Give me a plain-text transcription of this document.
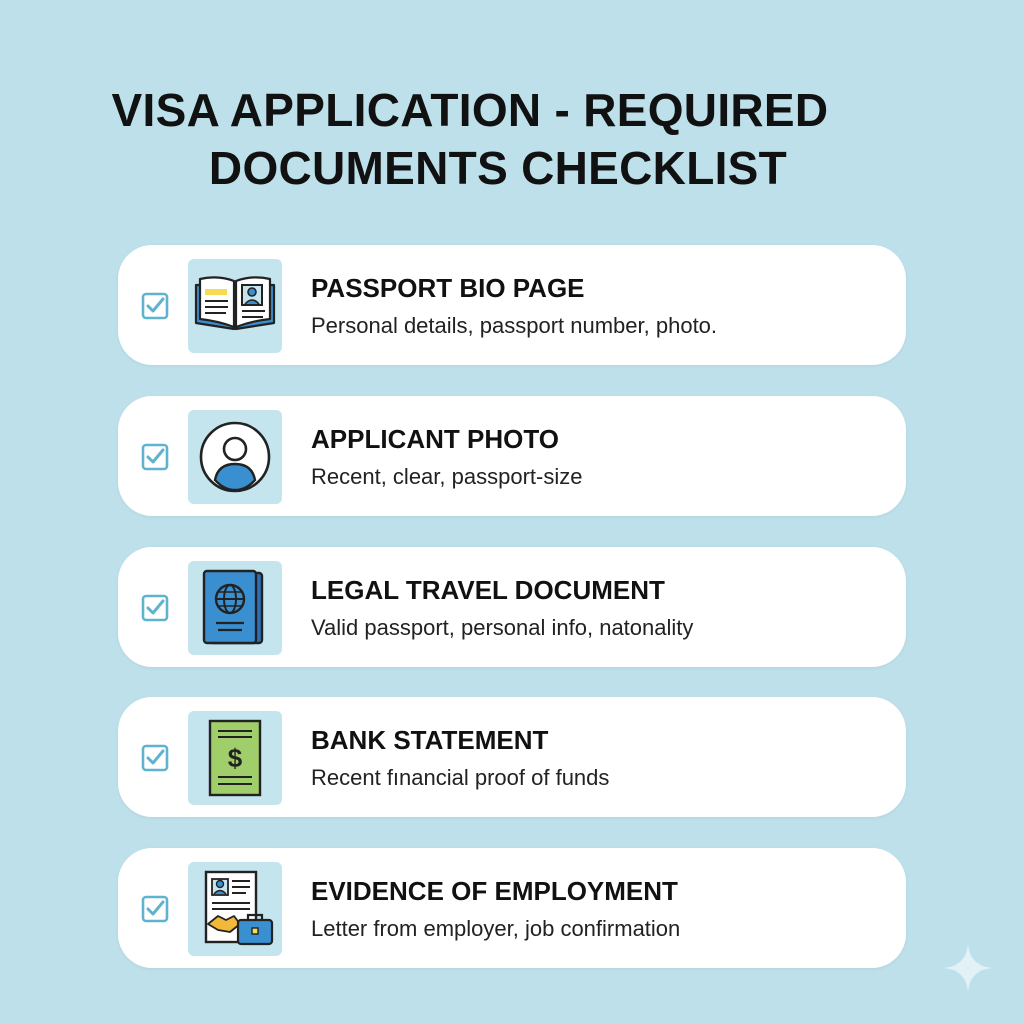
VISA APPLICATION - REQUIRED
DOCUMENTS CHECKLIST
PASSPORT BIO PAGE
Personal details, passport number, photo.
APPLICANT PHOTO
Recent, clear, passport-size
LEGAL TRAVEL DOCUMENT
Valid passport, personal info, natonality
$
BANK STATEMENT
Recent fınancial proof of funds
EVIDENCE OF EMPLOYMENT
Letter from employer, job confirmation
